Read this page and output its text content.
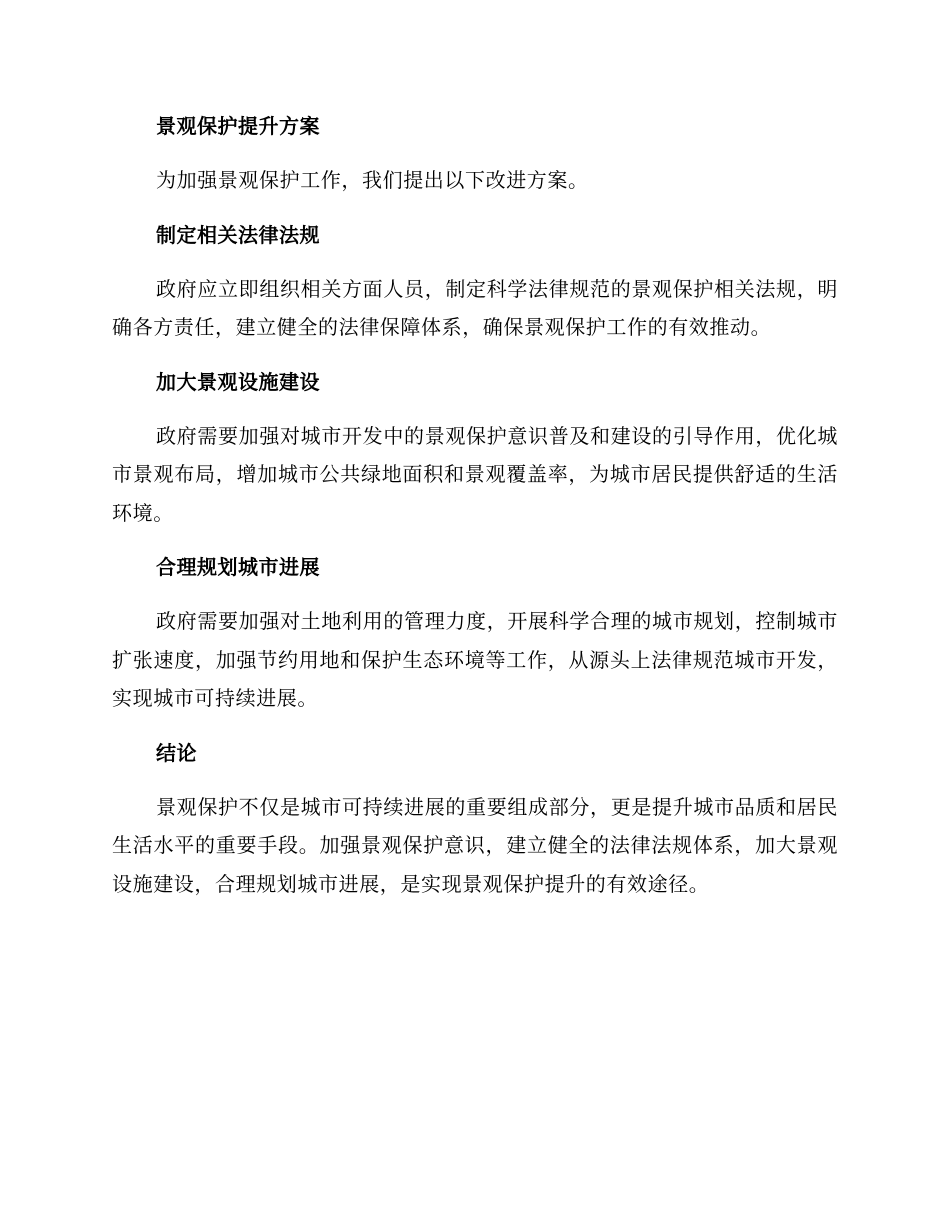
景观保护提升方案

为加强景观保护工作，我们提出以下改进方案。

制定相关法律法规

政府应立即组织相关方面人员，制定科学法律规范的景观保护相关法规，明确各方责任，建立健全的法律保障体系，确保景观保护工作的有效推动。

加大景观设施建设

政府需要加强对城市开发中的景观保护意识普及和建设的引导作用，优化城市景观布局，增加城市公共绿地面积和景观覆盖率，为城市居民提供舒适的生活环境。

合理规划城市进展

政府需要加强对土地利用的管理力度，开展科学合理的城市规划，控制城市扩张速度，加强节约用地和保护生态环境等工作，从源头上法律规范城市开发，实现城市可持续进展。

结论

景观保护不仅是城市可持续进展的重要组成部分，更是提升城市品质和居民生活水平的重要手段。加强景观保护意识，建立健全的法律法规体系，加大景观设施建设，合理规划城市进展，是实现景观保护提升的有效途径。
